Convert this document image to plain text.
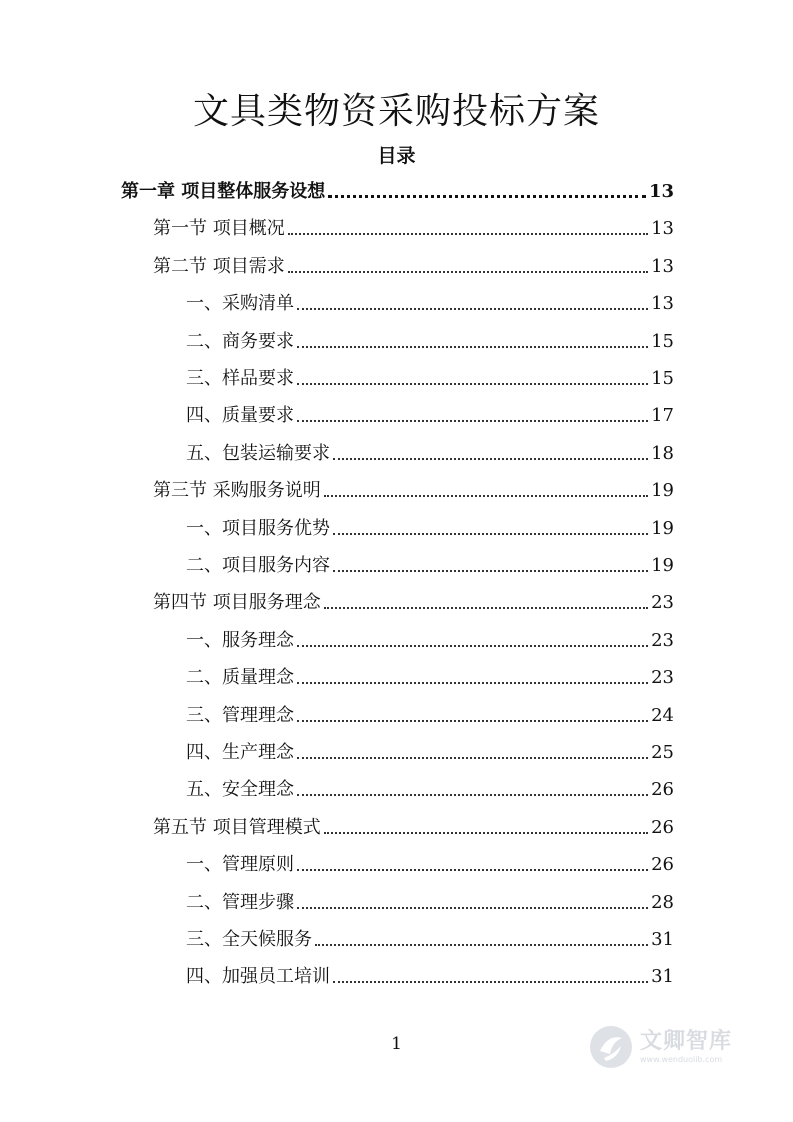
文具类物资采购投标方案
目录
第一章 项目整体服务设想	13
第一节 项目概况	13
第二节 项目需求	13
一、采购清单	13
二、商务要求	15
三、样品要求	15
四、质量要求	17
五、包装运输要求	18
第三节 采购服务说明	19
一、项目服务优势	19
二、项目服务内容	19
第四节 项目服务理念	23
一、服务理念	23
二、质量理念	23
三、管理理念	24
四、生产理念	25
五、安全理念	26
第五节 项目管理模式	26
一、管理原则	26
二、管理步骤	28
三、全天候服务	31
四、加强员工培训	31
1	文卿智库
www.wenduolib.com
